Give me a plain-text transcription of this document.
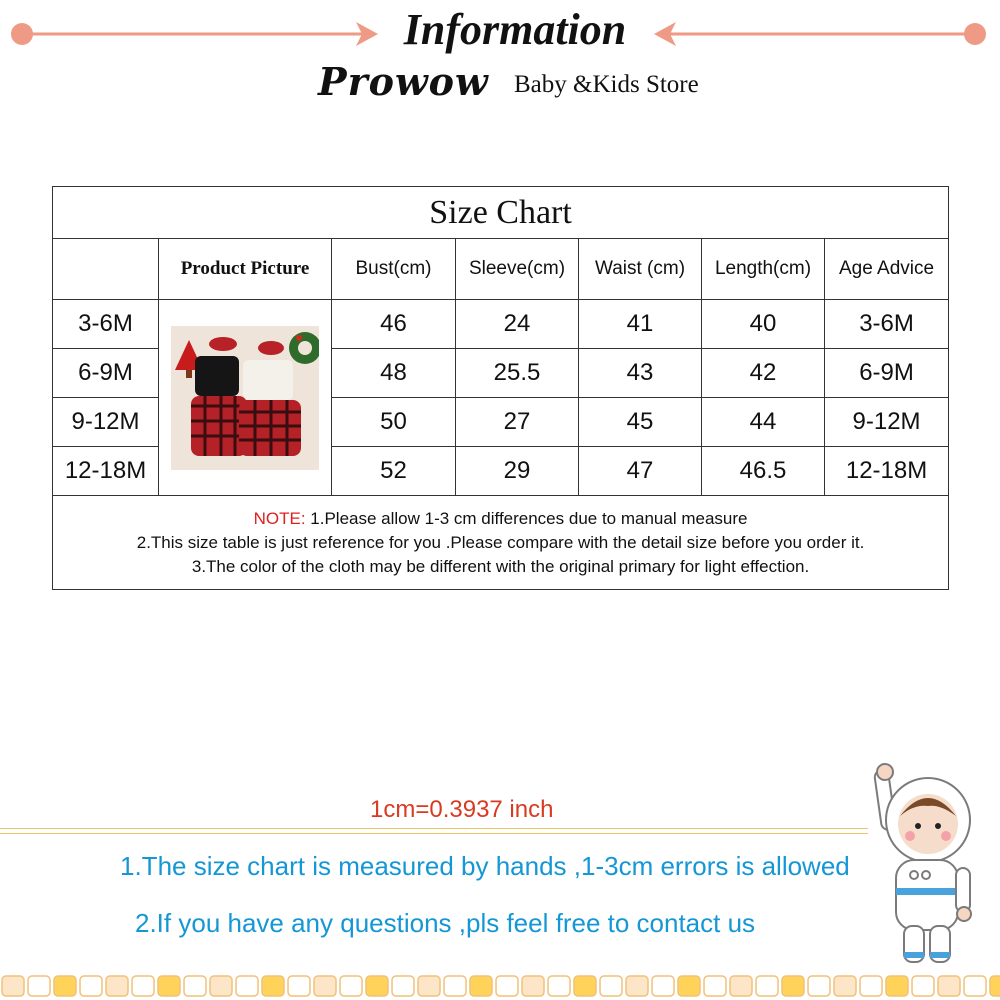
Information
Prowow Baby &Kids Store
Size Chart						
	Product Picture	Bust(cm)	Sleeve(cm)	Waist (cm)	Length(cm)	Age Advice
3-6M		46	24	41	40	3-6M
6-9M		48	25.5	43	42	6-9M
9-12M		50	27	45	44	9-12M
12-18M		52	29	47	46.5	12-18M

NOTE: 1.Please allow 1-3 cm differences due to manual measure
2.This size table is just reference for you .Please compare with the detail size before you order it.
3.The color of the cloth may be different with the original primary for light effection.						
1cm=0.3937 inch
1.The size chart is measured by hands ,1-3cm errors is allowed
2.If you have any questions ,pls feel free to contact us
